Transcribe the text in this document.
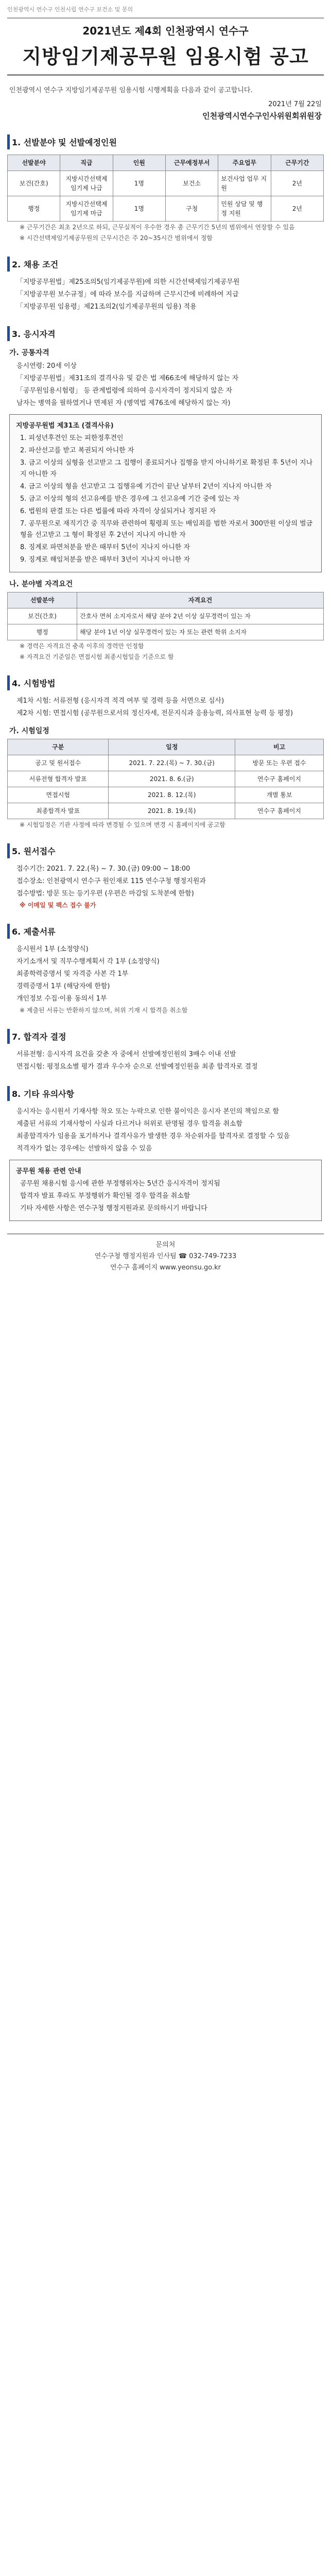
인천광역시 연수구 인천시립 연수구 보건소 및 문의
2021년도 제4회 인천광역시 연수구
지방임기제공무원 임용시험 공고
인천광역시 연수구 지방임기제공무원 임용시험 시행계획을 다음과 같이 공고합니다.
2021년 7월 22일
인천광역시연수구인사위원회위원장
1. 선발분야 및 선발예정인원
선발분야	직급	인원	근무예정부서	주요업무	근무기간
보건(간호)	지방시간선택제임기제 나급	1명	보건소	보건사업 업무 지원	2년
행정	지방시간선택제임기제 마급	1명	구청	민원 상담 및 행정 지원	2년
※ 근무기간은 최초 2년으로 하되, 근무실적이 우수한 경우 총 근무기간 5년의 범위에서 연장할 수 있음
※ 시간선택제임기제공무원의 근무시간은 주 20~35시간 범위에서 정함
2. 채용 조건
「지방공무원법」제25조의5(임기제공무원)에 의한 시간선택제임기제공무원
「지방공무원 보수규정」에 따라 보수를 지급하며 근무시간에 비례하여 지급
「지방공무원 임용령」제21조의2(임기제공무원의 임용) 적용
3. 응시자격
가. 공통자격
응시연령: 20세 이상
「지방공무원법」제31조의 결격사유 및 같은 법 제66조에 해당하지 않는 자
「공무원임용시험령」 등 관계법령에 의하여 응시자격이 정지되지 않은 자
남자는 병역을 필하였거나 면제된 자 (병역법 제76조에 해당하지 않는 자)
지방공무원법 제31조 (결격사유)
1. 피성년후견인 또는 피한정후견인
2. 파산선고를 받고 복권되지 아니한 자
3. 금고 이상의 실형을 선고받고 그 집행이 종료되거나 집행을 받지 아니하기로 확정된 후 5년이 지나지 아니한 자
4. 금고 이상의 형을 선고받고 그 집행유예 기간이 끝난 날부터 2년이 지나지 아니한 자
5. 금고 이상의 형의 선고유예를 받은 경우에 그 선고유예 기간 중에 있는 자
6. 법원의 판결 또는 다른 법률에 따라 자격이 상실되거나 정지된 자
7. 공무원으로 재직기간 중 직무와 관련하여 횡령죄 또는 배임죄를 범한 자로서 300만원 이상의 벌금형을 선고받고 그 형이 확정된 후 2년이 지나지 아니한 자
8. 징계로 파면처분을 받은 때부터 5년이 지나지 아니한 자
9. 징계로 해임처분을 받은 때부터 3년이 지나지 아니한 자
나. 분야별 자격요건
선발분야	자격요건
보건(간호)	간호사 면허 소지자로서 해당 분야 2년 이상 실무경력이 있는 자
행정	해당 분야 1년 이상 실무경력이 있는 자 또는 관련 학위 소지자
※ 경력은 자격요건 충족 이후의 경력만 인정함
※ 자격요건 기준일은 면접시험 최종시험일을 기준으로 함
4. 시험방법
제1차 시험: 서류전형 (응시자격 적격 여부 및 경력 등을 서면으로 심사)
제2차 시험: 면접시험 (공무원으로서의 정신자세, 전문지식과 응용능력, 의사표현 능력 등 평정)
가. 시험일정
구분	일정	비고
공고 및 원서접수	2021. 7. 22.(목) ~ 7. 30.(금)	방문 또는 우편 접수
서류전형 합격자 발표	2021. 8. 6.(금)	연수구 홈페이지
면접시험	2021. 8. 12.(목)	개별 통보
최종합격자 발표	2021. 8. 19.(목)	연수구 홈페이지
※ 시험일정은 기관 사정에 따라 변경될 수 있으며 변경 시 홈페이지에 공고함
5. 원서접수
접수기간: 2021. 7. 22.(목) ~ 7. 30.(금) 09:00 ~ 18:00
접수장소: 인천광역시 연수구 원인재로 115 연수구청 행정지원과
접수방법: 방문 또는 등기우편 (우편은 마감일 도착분에 한함)
※ 이메일 및 팩스 접수 불가
6. 제출서류
응시원서 1부 (소정양식)
자기소개서 및 직무수행계획서 각 1부 (소정양식)
최종학력증명서 및 자격증 사본 각 1부
경력증명서 1부 (해당자에 한함)
개인정보 수집·이용 동의서 1부
※ 제출된 서류는 반환하지 않으며, 허위 기재 시 합격을 취소함
7. 합격자 결정
서류전형: 응시자격 요건을 갖춘 자 중에서 선발예정인원의 3배수 이내 선발
면접시험: 평정요소별 평가 결과 우수자 순으로 선발예정인원을 최종 합격자로 결정
8. 기타 유의사항
응시자는 응시원서 기재사항 착오 또는 누락으로 인한 불이익은 응시자 본인의 책임으로 함
제출된 서류의 기재사항이 사실과 다르거나 허위로 판명될 경우 합격을 취소함
최종합격자가 임용을 포기하거나 결격사유가 발생한 경우 차순위자를 합격자로 결정할 수 있음
적격자가 없는 경우에는 선발하지 않을 수 있음
공무원 채용 관련 안내
공무원 채용시험 응시에 관한 부정행위자는 5년간 응시자격이 정지됨
합격자 발표 후라도 부정행위가 확인될 경우 합격을 취소함
기타 자세한 사항은 연수구청 행정지원과로 문의하시기 바랍니다
문의처
연수구청 행정지원과 인사팀 ☎ 032-749-7233
연수구 홈페이지 www.yeonsu.go.kr
